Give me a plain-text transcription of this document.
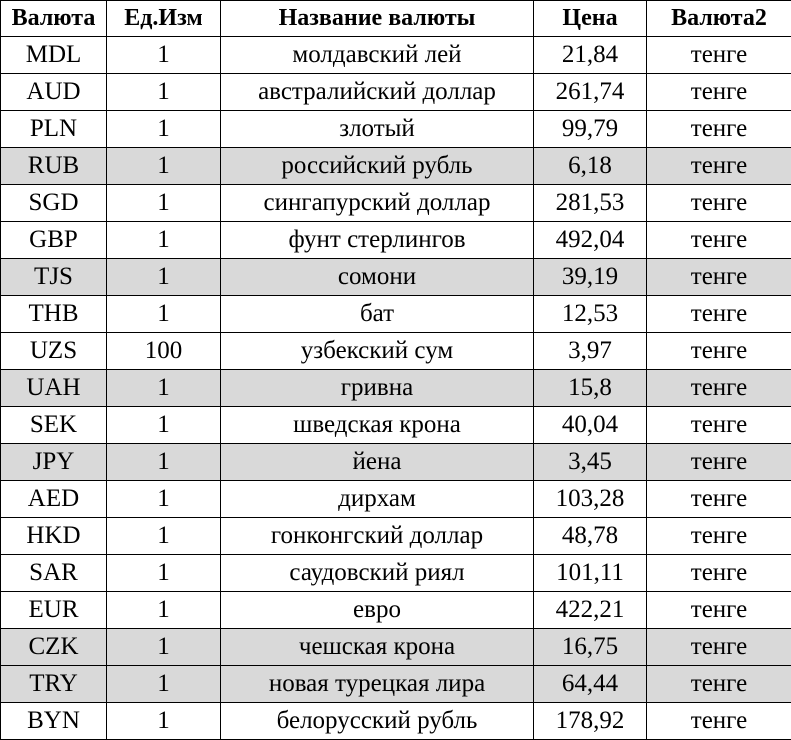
Валюта	Ед.Изм	Название валюты	Цена	Валюта2
MDL	1	молдавский лей	21,84	тенге
AUD	1	австралийский доллар	261,74	тенге
PLN	1	злотый	99,79	тенге
RUB	1	российский рубль	6,18	тенге
SGD	1	сингапурский доллар	281,53	тенге
GBP	1	фунт стерлингов	492,04	тенге
TJS	1	сомони	39,19	тенге
THB	1	бат	12,53	тенге
UZS	100	узбекский сум	3,97	тенге
UAH	1	гривна	15,8	тенге
SEK	1	шведская крона	40,04	тенге
JPY	1	йена	3,45	тенге
AED	1	дирхам	103,28	тенге
HKD	1	гонконгский доллар	48,78	тенге
SAR	1	саудовский риял	101,11	тенге
EUR	1	евро	422,21	тенге
CZK	1	чешская крона	16,75	тенге
TRY	1	новая турецкая лира	64,44	тенге
BYN	1	белорусский рубль	178,92	тенге
